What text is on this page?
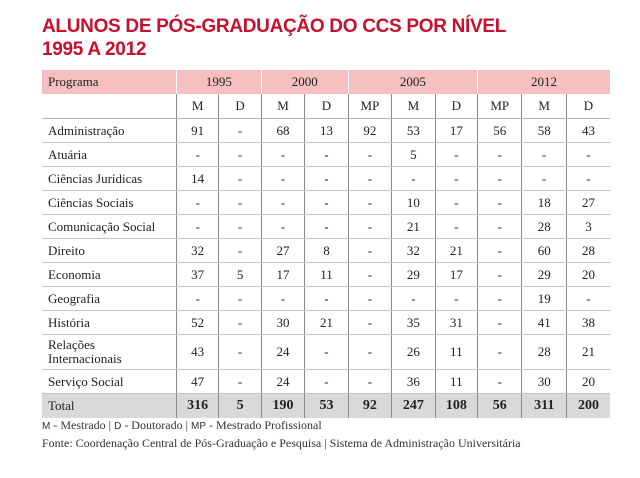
ALUNOS DE PÓS-GRADUAÇÃO DO CCS POR NÍVEL
1995 A 2012
Programa	1995		2000		2005			2012		
	M	D	M	D	MP	M	D	MP	M	D
Administração	91	-	68	13	92	53	17	56	58	43
Atuária	-	-	-	-	-	5	-	-	-	-
Ciências Jurídicas	14	-	-	-	-	-	-	-	-	-
Ciências Sociais	-	-	-	-	-	10	-	-	18	27
Comunicação Social	-	-	-	-	-	21	-	-	28	3
Direito	32	-	27	8	-	32	21	-	60	28
Economia	37	5	17	11	-	29	17	-	29	20
Geografia	-	-	-	-	-	-	-	-	19	-
História	52	-	30	21	-	35	31	-	41	38

Relações
Internacionais	43	-	24	-	-	26	11	-	28	21
Serviço Social	47	-	24	-	-	36	11	-	30	20
Total	316	5	190	53	92	247	108	56	311	200
M - Mestrado | D - Doutorado | MP - Mestrado Profissional
Fonte: Coordenação Central de Pós-Graduação e Pesquisa | Sistema de Administração Universitária
